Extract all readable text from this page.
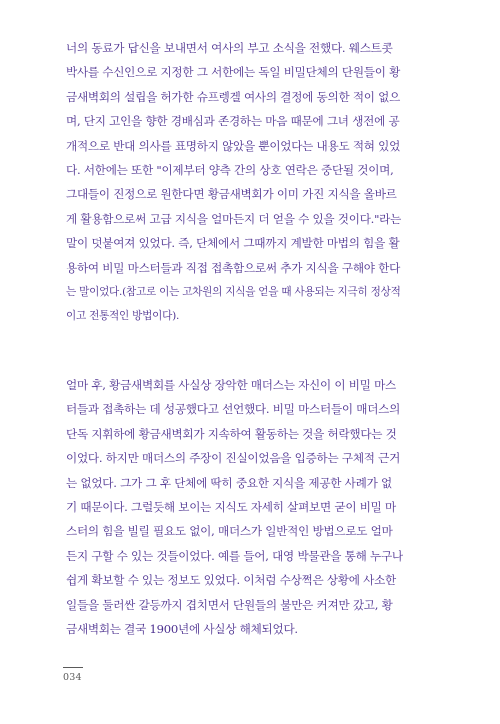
너의 동료가 답신을 보내면서 여사의 부고 소식을 전했다. 웨스트콧
박사를 수신인으로 지정한 그 서한에는 독일 비밀단체의 단원들이 황
금새벽회의 설립을 허가한 슈프렝겔 여사의 결정에 동의한 적이 없으
며, 단지 고인을 향한 경배심과 존경하는 마음 때문에 그녀 생전에 공
개적으로 반대 의사를 표명하지 않았을 뿐이었다는 내용도 적혀 있었
다. 서한에는 또한 "이제부터 양측 간의 상호 연락은 중단될 것이며,
그대들이 진정으로 원한다면 황금새벽회가 이미 가진 지식을 올바르
게 활용함으로써 고급 지식을 얼마든지 더 얻을 수 있을 것이다."라는
말이 덧붙여져 있었다. 즉, 단체에서 그때까지 계발한 마법의 힘을 활
용하여 비밀 마스터들과 직접 접촉함으로써 추가 지식을 구해야 한다
는 말이었다.(참고로 이는 고차원의 지식을 얻을 때 사용되는 지극히 정상적
이고 전통적인 방법이다).
얼마 후, 황금새벽회를 사실상 장악한 매더스는 자신이 이 비밀 마스
터들과 접촉하는 데 성공했다고 선언했다. 비밀 마스터들이 매더스의
단독 지휘하에 황금새벽회가 지속하여 활동하는 것을 허락했다는 것
이었다. 하지만 매더스의 주장이 진실이었음을 입증하는 구체적 근거
는 없었다. 그가 그 후 단체에 딱히 중요한 지식을 제공한 사례가 없
기 때문이다. 그럴듯해 보이는 지식도 자세히 살펴보면 굳이 비밀 마
스터의 힘을 빌릴 필요도 없이, 매더스가 일반적인 방법으로도 얼마
든지 구할 수 있는 것들이었다. 예를 들어, 대영 박물관을 통해 누구나
쉽게 확보할 수 있는 정보도 있었다. 이처럼 수상쩍은 상황에 사소한
일들을 둘러싼 갈등까지 겹치면서 단원들의 불만은 커져만 갔고, 황
금새벽회는 결국 1900년에 사실상 해체되었다.
034
